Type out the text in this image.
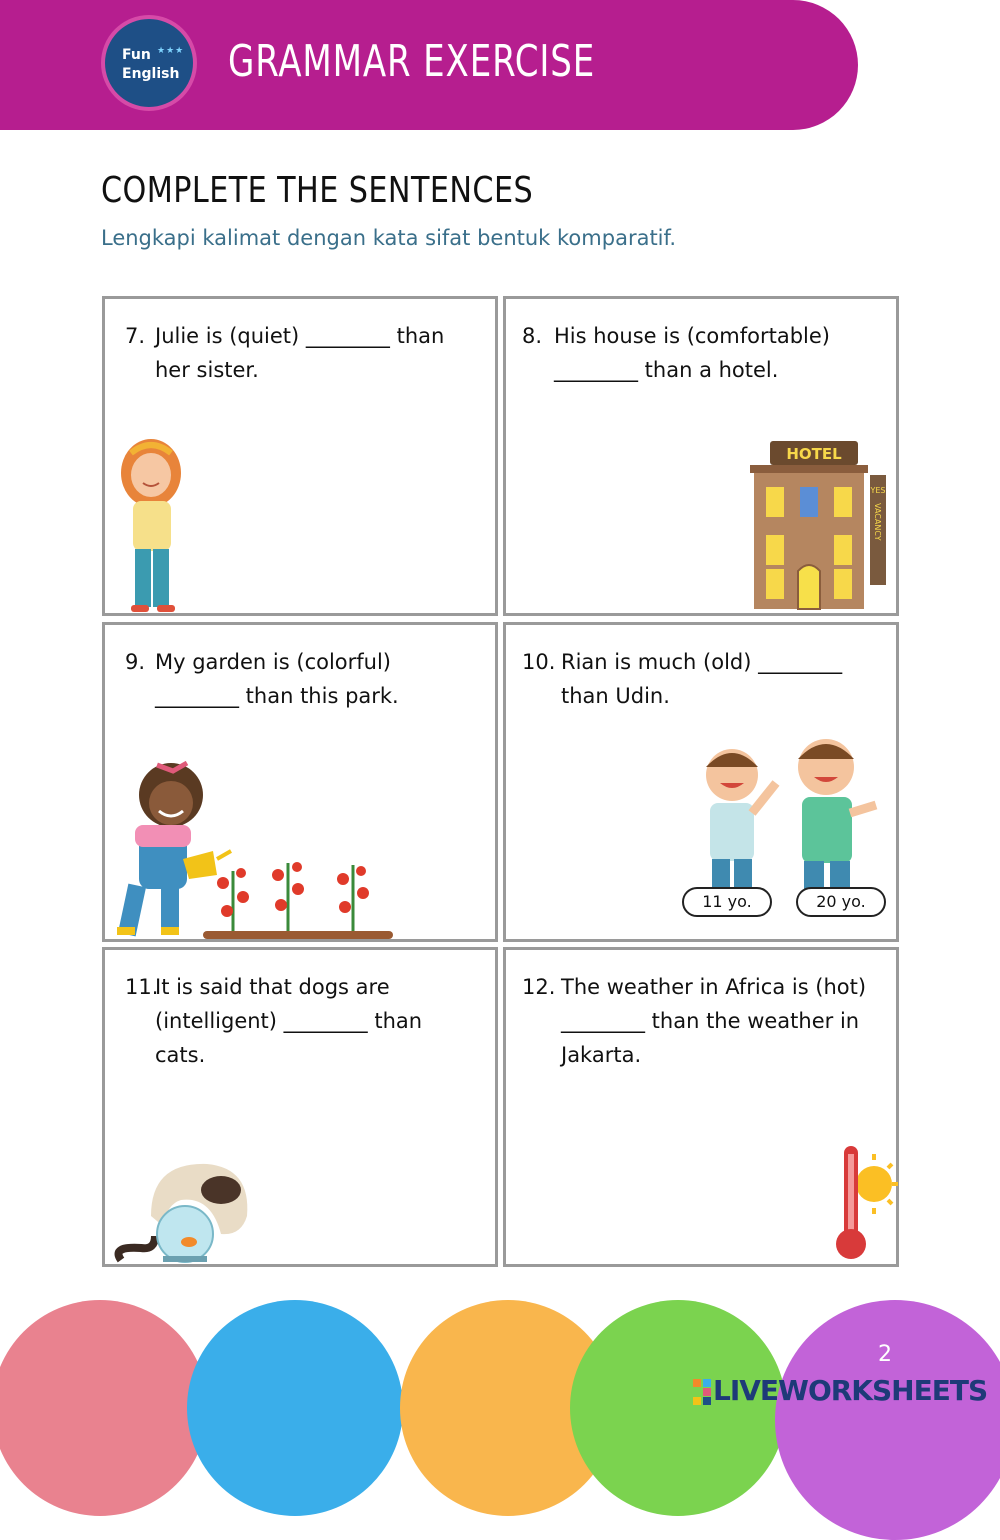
Fun ★★★
English GRAMMAR EXERCISE
COMPLETE THE SENTENCES
Lengkapi kalimat dengan kata sifat bentuk komparatif.
7. Julie is (quiet) ________ than
her sister.
8. His house is (comfortable)
________ than a hotel.
HOTEL
YES
VACANCY
9. My garden is (colorful)
________ than this park.
10. Rian is much (old) ________
than Udin.
11 yo.	20 yo.
11.
It is said that dogs are
(intelligent) ________ than
cats.
12. The weather in Africa is (hot)
________ than the weather in
Jakarta.
2
LIVEWORKSHEETS
